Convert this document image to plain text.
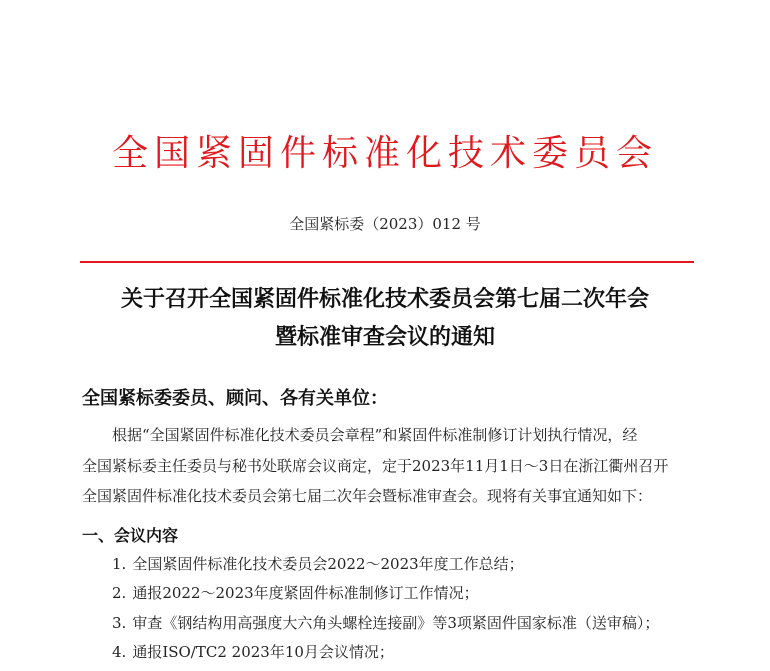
全国紧固件标准化技术委员会
全国紧标委（2023）012 号
关于召开全国紧固件标准化技术委员会第七届二次年会
暨标准审查会议的通知
全国紧标委委员、顾问、各有关单位：
根据“全国紧固件标准化技术委员会章程”和紧固件标准制修订计划执行情况，经
全国紧标委主任委员与秘书处联席会议商定，定于2023年11月1日～3日在浙江衢州召开
全国紧固件标准化技术委员会第七届二次年会暨标准审查会。现将有关事宜通知如下：
一、会议内容
1. 全国紧固件标准化技术委员会2022～2023年度工作总结；
2. 通报2022～2023年度紧固件标准制修订工作情况；
3. 审查《钢结构用高强度大六角头螺栓连接副》等3项紧固件国家标准（送审稿）；
4. 通报ISO/TC2 2023年10月会议情况；
